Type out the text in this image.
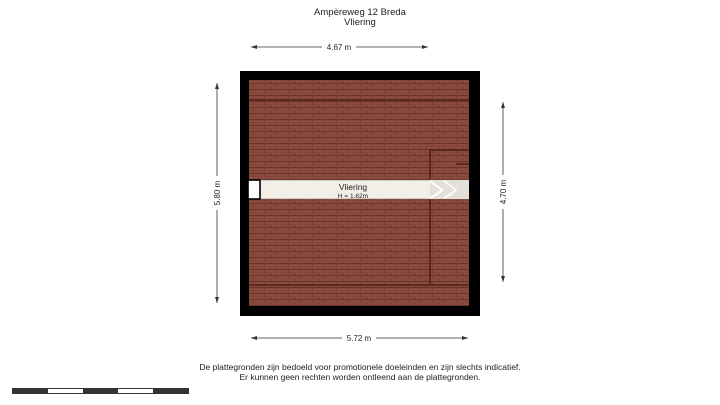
Ampèreweg 12 Breda
Vliering
4.67 m
5.72 m
5.80 m	4.70 m
Vliering
H = 1.62m
De plattegronden zijn bedoeld voor promotionele doeleinden en zijn slechts indicatief.
Er kunnen geen rechten worden ontleend aan de plattegronden.
